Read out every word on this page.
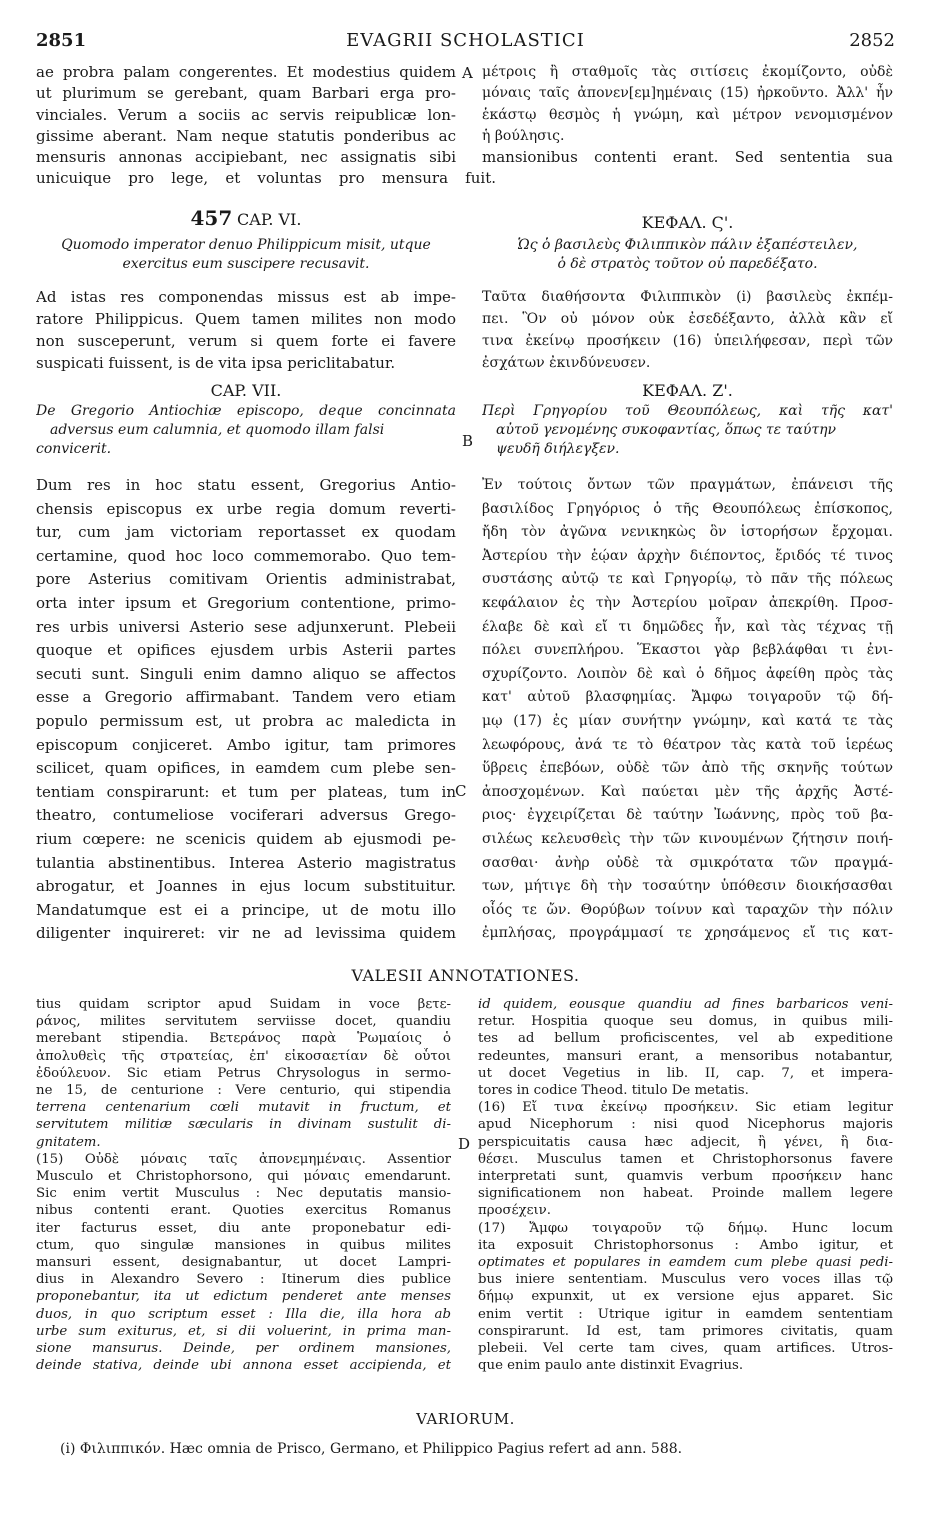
2851	EVAGRII SCHOLASTICI	2852
ae probra palam congerentes. Et modestius quidem
ut plurimum se gerebant, quam Barbari erga pro-
vinciales. Verum a sociis ac servis reipublicæ lon-
gissime aberant. Nam neque statutis ponderibus ac
mensuris annonas accipiebant, nec assignatis sibi
unicuique pro lege, et voluntas pro mensura fuit.
A μέτροις ἢ σταθμοῖς τὰς σιτίσεις ἐκομίζοντο, οὐδὲ
μόναις ταῖς ἀπονεν[εμ]ημέναις (15) ἠρκοῦντο. Ἀλλ' ἦν
ἑκάστῳ θεσμὸς ἡ γνώμη, καὶ μέτρον νενομισμένον
ἡ βούλησις.
mansionibus contenti erant. Sed sententia sua
457 CAP. VI.	ΚΕΦΑΛ. Ϛ'.
Quomodo imperator denuo Philippicum misit, utque
exercitus eum suscipere recusavit.
Ὡς ὁ βασιλεὺς Φιλιππικὸν πάλιν ἐξαπέστειλεν,
ὁ δὲ στρατὸς τοῦτον οὐ παρεδέξατο.
Ad istas res componendas missus est ab impe-
ratore Philippicus. Quem tamen milites non modo
non susceperunt, verum si quem forte ei favere
suspicati fuissent, is de vita ipsa periclitabatur.
Ταῦτα διαθήσοντα Φιλιππικὸν (i) βασιλεὺς ἐκπέμ-
πει. Ὃν οὐ μόνον οὐκ ἐσεδέξαντο, ἀλλὰ κἂν εἴ
τινα ἐκείνῳ προσήκειν (16) ὑπειλήφεσαν, περὶ τῶν
ἐσχάτων ἐκινδύνευσεν.
CAP. VII.	ΚΕΦΑΛ. Ζ'.
De Gregorio Antiochiæ episcopo, deque concinnata
adversus eum calumnia, et quomodo illam falsi
convicerit.	B
Περὶ Γρηγορίου τοῦ Θεουπόλεως, καὶ τῆς κατ'
αὐτοῦ γενομένης συκοφαντίας, ὅπως τε ταύτην
ψευδῆ διήλεγξεν.
Dum res in hoc statu essent, Gregorius Antio-
chensis episcopus ex urbe regia domum reverti-
tur, cum jam victoriam reportasset ex quodam
certamine, quod hoc loco commemorabo. Quo tem-
pore Asterius comitivam Orientis administrabat,
orta inter ipsum et Gregorium contentione, primo-
res urbis universi Asterio sese adjunxerunt. Plebeii
quoque et opifices ejusdem urbis Asterii partes
secuti sunt. Singuli enim damno aliquo se affectos
esse a Gregorio affirmabant. Tandem vero etiam
populo permissum est, ut probra ac maledicta in
episcopum conjiceret. Ambo igitur, tam primores
scilicet, quam opifices, in eamdem cum plebe sen-
tentiam conspirarunt: et tum per plateas, tum in
theatro, contumeliose vociferari adversus Grego-
rium cœpere: ne scenicis quidem ab ejusmodi pe-
tulantia abstinentibus. Interea Asterio magistratus
abrogatur, et Joannes in ejus locum substituitur.
Mandatumque est ei a principe, ut de motu illo
diligenter inquireret: vir ne ad levissima quidem
C
Ἐν τούτοις ὄντων τῶν πραγμάτων, ἐπάνεισι τῆς
βασιλίδος Γρηγόριος ὁ τῆς Θεουπόλεως ἐπίσκοπος,
ἤδη τὸν ἀγῶνα νενικηκὼς ὃν ἱστορήσων ἔρχομαι.
Ἀστερίου τὴν ἑῴαν ἀρχὴν διέποντος, ἔριδός τέ τινος
συστάσης αὐτῷ τε καὶ Γρηγορίῳ, τὸ πᾶν τῆς πόλεως
κεφάλαιον ἐς τὴν Ἀστερίου μοῖραν ἀπεκρίθη. Προσ-
έλαβε δὲ καὶ εἴ τι δημῶδες ἦν, καὶ τὰς τέχνας τῇ
πόλει συνεπλήρου. Ἕκαστοι γὰρ βεβλάφθαι τι ἐνι-
σχυρίζοντο. Λοιπὸν δὲ καὶ ὁ δῆμος ἀφείθη πρὸς τὰς
κατ' αὐτοῦ βλασφημίας. Ἄμφω τοιγαροῦν τῷ δή-
μῳ (17) ἐς μίαν συνήτην γνώμην, καὶ κατά τε τὰς
λεωφόρους, ἀνά τε τὸ θέατρον τὰς κατὰ τοῦ ἱερέως
ὕβρεις ἐπεβόων, οὐδὲ τῶν ἀπὸ τῆς σκηνῆς τούτων
ἀποσχομένων. Καὶ παύεται μὲν τῆς ἀρχῆς Ἀστέ-
ριος· ἐγχειρίζεται δὲ ταύτην Ἰωάννης, πρὸς τοῦ βα-
σιλέως κελευσθεὶς τὴν τῶν κινουμένων ζήτησιν ποιή-
σασθαι· ἀνὴρ οὐδὲ τὰ σμικρότατα τῶν πραγμά-
των, μήτιγε δὴ τὴν τοσαύτην ὑπόθεσιν διοικήσασθαι
οἷός τε ὤν. Θορύβων τοίνυν καὶ ταραχῶν τὴν πόλιν
ἐμπλήσας, προγράμμασί τε χρησάμενος εἴ τις κατ-
VALESII ANNOTATIONES.
tius quidam scriptor apud Suidam in voce βετε-
ράνος, milites servitutem serviisse docet, quandiu
merebant stipendia. Βετεράνος παρὰ Ῥωμαίοις ὁ
ἀπολυθεὶς τῆς στρατείας, ἐπ' εἰκοσαετίαν δὲ οὗτοι
ἐδούλευον. Sic etiam Petrus Chrysologus in sermo-
ne 15, de centurione : Vere centurio, qui stipendia
terrena centenarium cœli mutavit in fructum, et
servitutem militiæ sæcularis in divinam sustulit di-
gnitatem.
(15) Οὐδὲ μόναις ταῖς ἀπονεμημέναις. Assentior
Musculo et Christophorsono, qui μόναις emendarunt.
Sic enim vertit Musculus : Nec deputatis mansio-
nibus contenti erant. Quoties exercitus Romanus
iter facturus esset, diu ante proponebatur edi-
ctum, quo singulæ mansiones in quibus milites
mansuri essent, designabantur, ut docet Lampri-
dius in Alexandro Severo : Itinerum dies publice
proponebantur, ita ut edictum penderet ante menses
duos, in quo scriptum esset : Illa die, illa hora ab
urbe sum exiturus, et, si dii voluerint, in prima man-
sione mansurus. Deinde, per ordinem mansiones,
deinde stativa, deinde ubi annona esset accipienda, et
D
id quidem, eousque quandiu ad fines barbaricos veni-
retur. Hospitia quoque seu domus, in quibus mili-
tes ad bellum proficiscentes, vel ab expeditione
redeuntes, mansuri erant, a mensoribus notabantur,
ut docet Vegetius in lib. II, cap. 7, et impera-
tores in codice Theod. titulo De metatis.
(16) Εἴ τινα ἐκείνῳ προσήκειν. Sic etiam legitur
apud Nicephorum : nisi quod Nicephorus majoris
perspicuitatis causa hæc adjecit, ἢ γένει, ἢ δια-
θέσει. Musculus tamen et Christophorsonus favere
interpretati sunt, quamvis verbum προσήκειν hanc
significationem non habeat. Proinde mallem legere
προσέχειν.
(17) Ἄμφω τοιγαροῦν τῷ δήμῳ. Hunc locum
ita exposuit Christophorsonus : Ambo igitur, et
optimates et populares in eamdem cum plebe quasi pedi-
bus iniere sententiam. Musculus vero voces illas τῷ
δήμῳ expunxit, ut ex versione ejus apparet. Sic
enim vertit : Utrique igitur in eamdem sententiam
conspirarunt. Id est, tam primores civitatis, quam
plebeii. Vel certe tam cives, quam artifices. Utros-
que enim paulo ante distinxit Evagrius.
VARIORUM.
(i) Φιλιππικόν. Hæc omnia de Prisco, Germano, et Philippico Pagius refert ad ann. 588.
